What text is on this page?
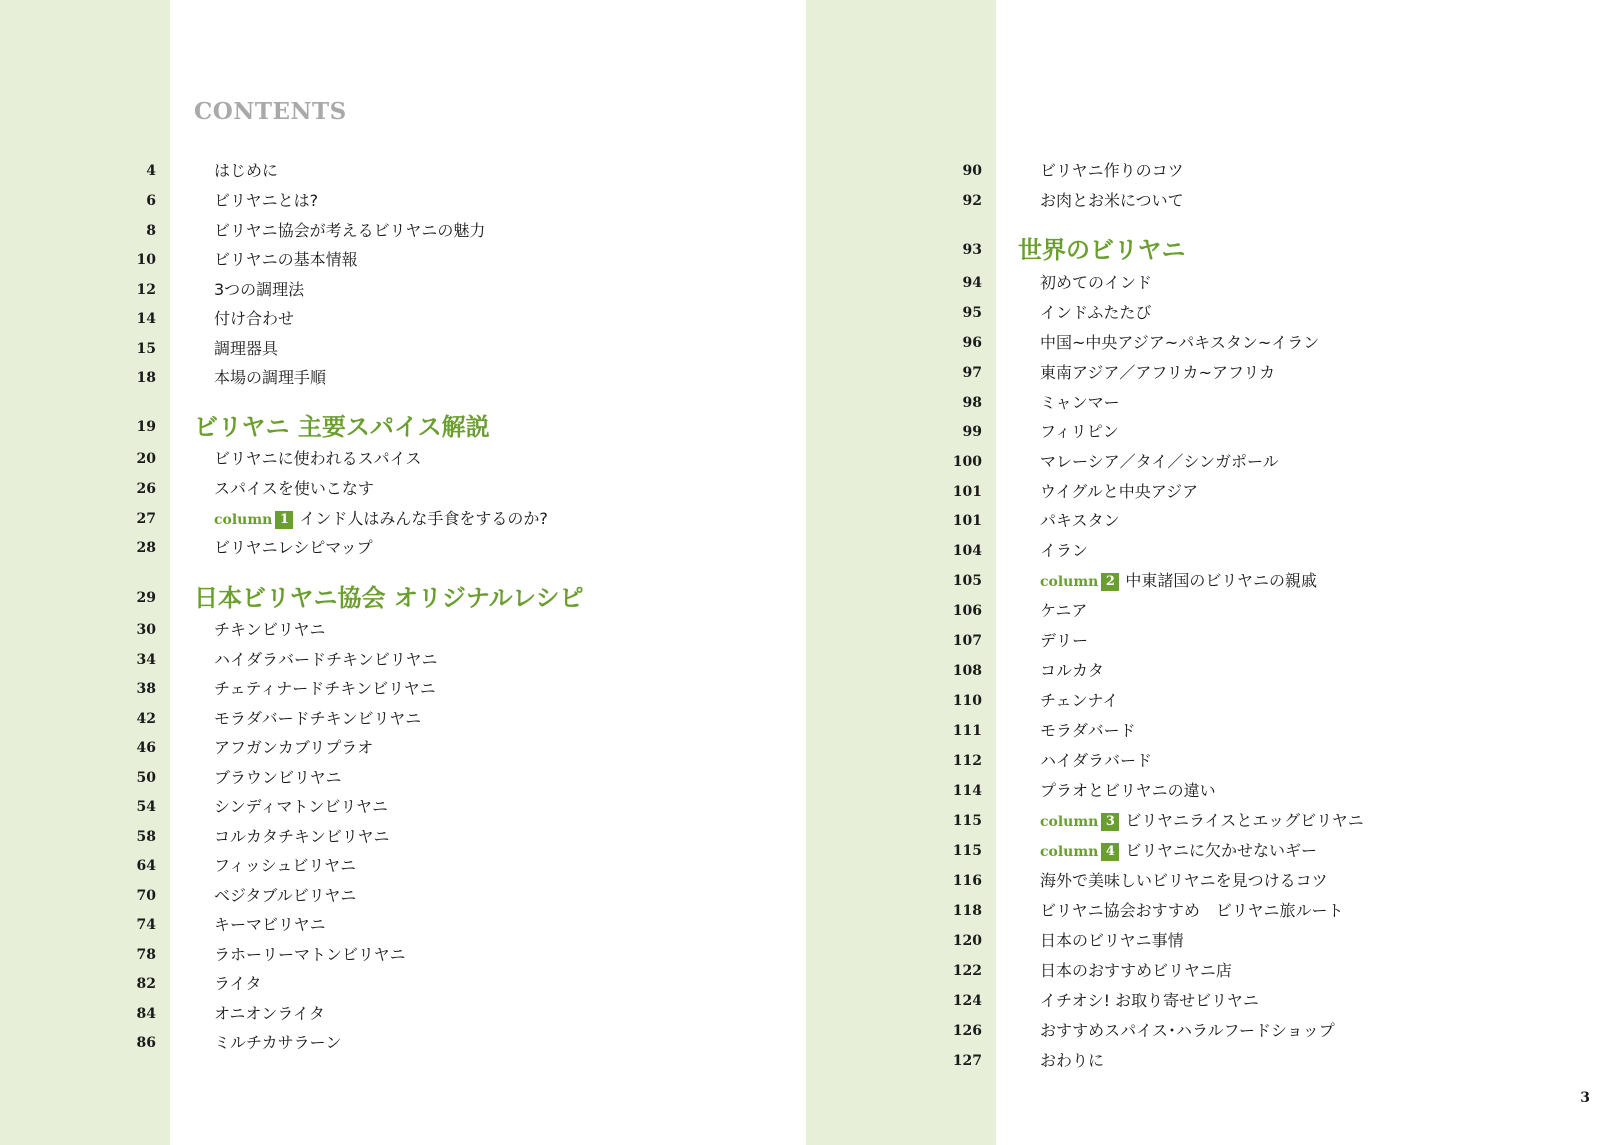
CONTENTS
4	はじめに
6	ビリヤニとは?
8	ビリヤニ協会が考えるビリヤニの魅力
10	ビリヤニの基本情報
12	3つの調理法
14	付け合わせ
15	調理器具
18	本場の調理手順
19 ビリヤニ 主要スパイス解説
20	ビリヤニに使われるスパイス
26	スパイスを使いこなす
27	column 1 インド人はみんな手食をするのか?
28	ビリヤニレシピマップ
29 日本ビリヤニ協会 オリジナルレシピ
30	チキンビリヤニ
34	ハイダラバードチキンビリヤニ
38	チェティナードチキンビリヤニ
42	モラダバードチキンビリヤニ
46	アフガンカブリプラオ
50	ブラウンビリヤニ
54	シンディマトンビリヤニ
58	コルカタチキンビリヤニ
64	フィッシュビリヤニ
70	ベジタブルビリヤニ
74	キーマビリヤニ
78	ラホーリーマトンビリヤニ
82	ライタ
84	オニオンライタ
86	ミルチカサラーン
90	ビリヤニ作りのコツ
92	お肉とお米について
93 世界のビリヤニ
94	初めてのインド
95	インドふたたび
96	中国~中央アジア~パキスタン~イラン
97	東南アジア／アフリカ~アフリカ
98	ミャンマー
99	フィリピン
100	マレーシア／タイ／シンガポール
101	ウイグルと中央アジア
101	パキスタン
104	イラン
105	column 2 中東諸国のビリヤニの親戚
106	ケニア
107	デリー
108	コルカタ
110	チェンナイ
111	モラダバード
112	ハイダラバード
114	プラオとビリヤニの違い
115	column 3 ビリヤニライスとエッグビリヤニ
115	column 4 ビリヤニに欠かせないギー
116	海外で美味しいビリヤニを見つけるコツ
118	ビリヤニ協会おすすめ　ビリヤニ旅ルート
120	日本のビリヤニ事情
122	日本のおすすめビリヤニ店
124	イチオシ! お取り寄せビリヤニ
126	おすすめスパイス･ハラルフードショップ
127	おわりに
3
